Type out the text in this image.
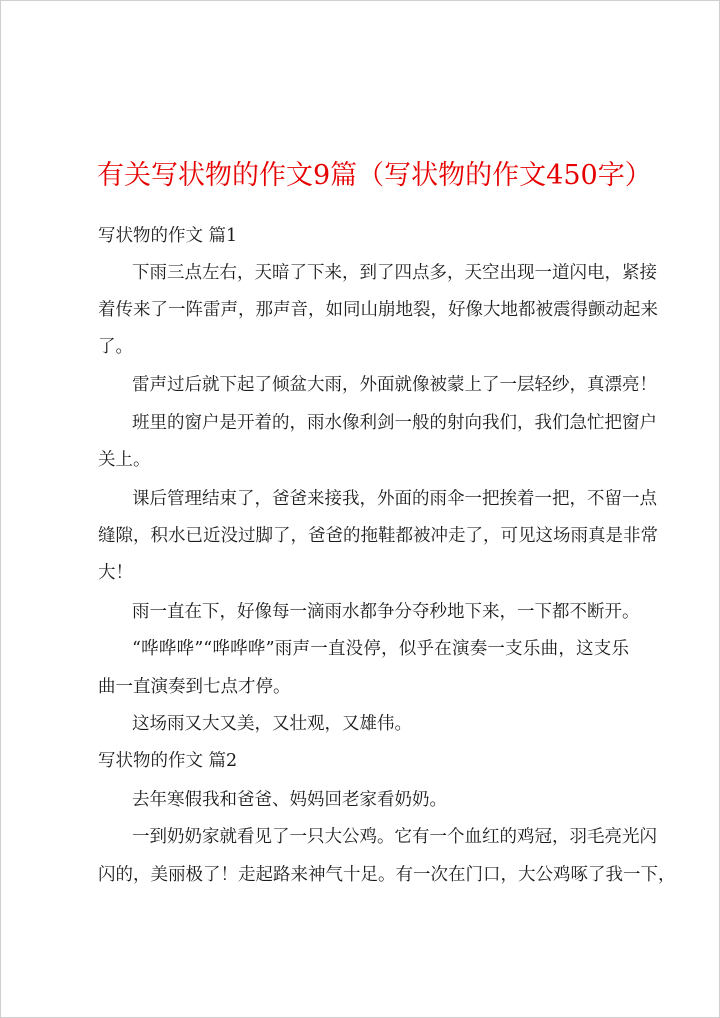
有关写状物的作文9篇（写状物的作文450字）
写状物的作文 篇1
下雨三点左右，天暗了下来，到了四点多，天空出现一道闪电，紧接
着传来了一阵雷声，那声音，如同山崩地裂，好像大地都被震得颤动起来
了。
雷声过后就下起了倾盆大雨，外面就像被蒙上了一层轻纱，真漂亮！
班里的窗户是开着的，雨水像利剑一般的射向我们，我们急忙把窗户
关上。
课后管理结束了，爸爸来接我，外面的雨伞一把挨着一把，不留一点
缝隙，积水已近没过脚了，爸爸的拖鞋都被冲走了，可见这场雨真是非常
大！
雨一直在下，好像每一滴雨水都争分夺秒地下来，一下都不断开。
“哗哗哗”“哗哗哗”雨声一直没停，似乎在演奏一支乐曲，这支乐
曲一直演奏到七点才停。
这场雨又大又美，又壮观，又雄伟。
写状物的作文 篇2
去年寒假我和爸爸、妈妈回老家看奶奶。
一到奶奶家就看见了一只大公鸡。它有一个血红的鸡冠，羽毛亮光闪
闪的，美丽极了！走起路来神气十足。有一次在门口，大公鸡啄了我一下，
